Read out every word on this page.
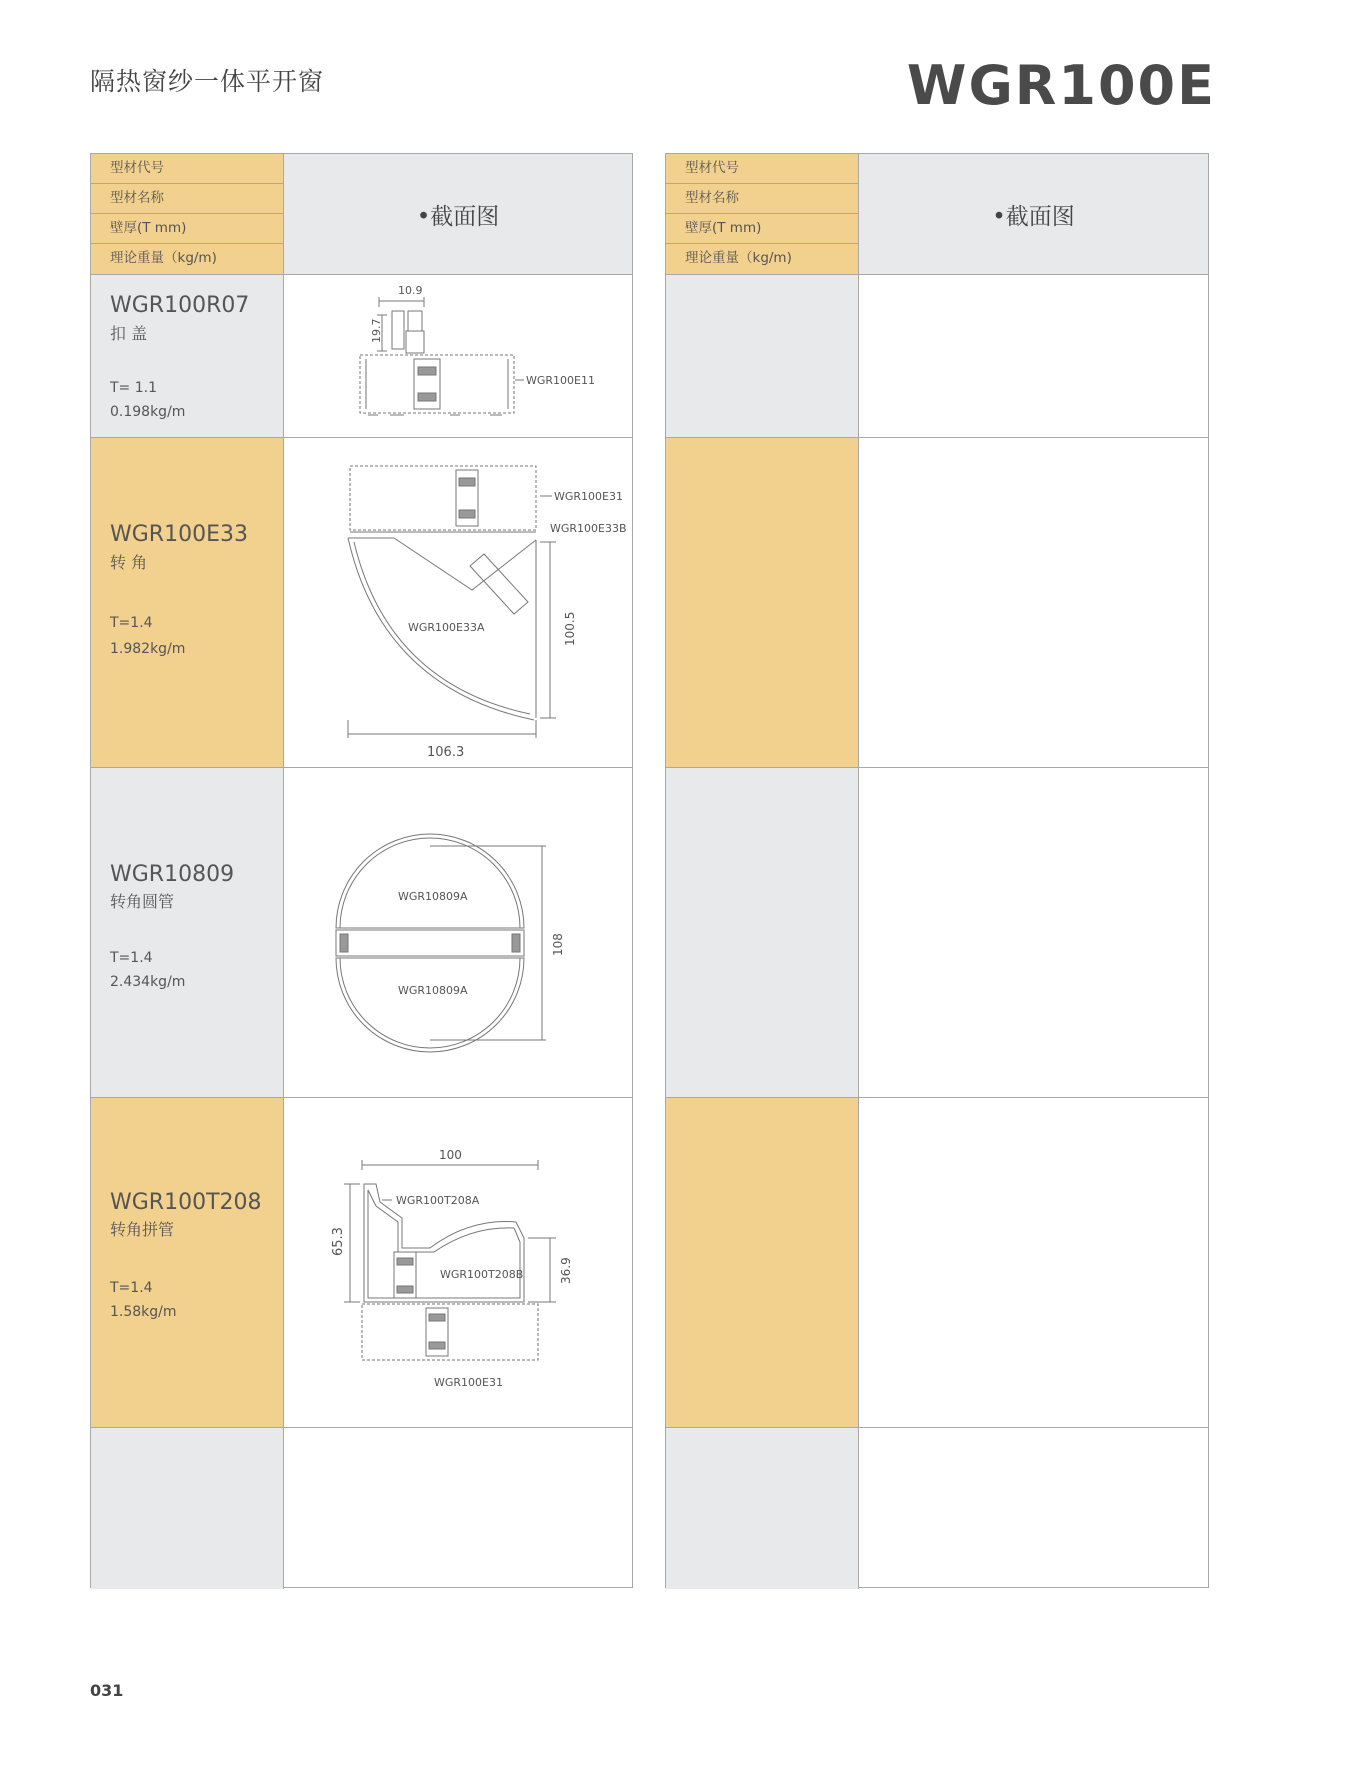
隔热窗纱一体平开窗	WGR100E
型材代号
型材名称
壁厚(T mm)
理论重量（kg/m)
•截面图
WGR100R07
扣 盖
T= 1.1
0.198kg/m
10.9
19.7
WGR100E11
WGR100E33
转 角
T=1.4
1.982kg/m
WGR100E31
WGR100E33B
WGR100E33A	100.5
106.3
WGR10809
转角圆管
T=1.4
2.434kg/m
WGR10809A
WGR10809A
108
WGR100T208
转角拼管
T=1.4
1.58kg/m
100
WGR100T208A
65.3
36.9
WGR100T208B
WGR100E31
型材代号
型材名称
壁厚(T mm)
理论重量（kg/m)
•截面图
031
